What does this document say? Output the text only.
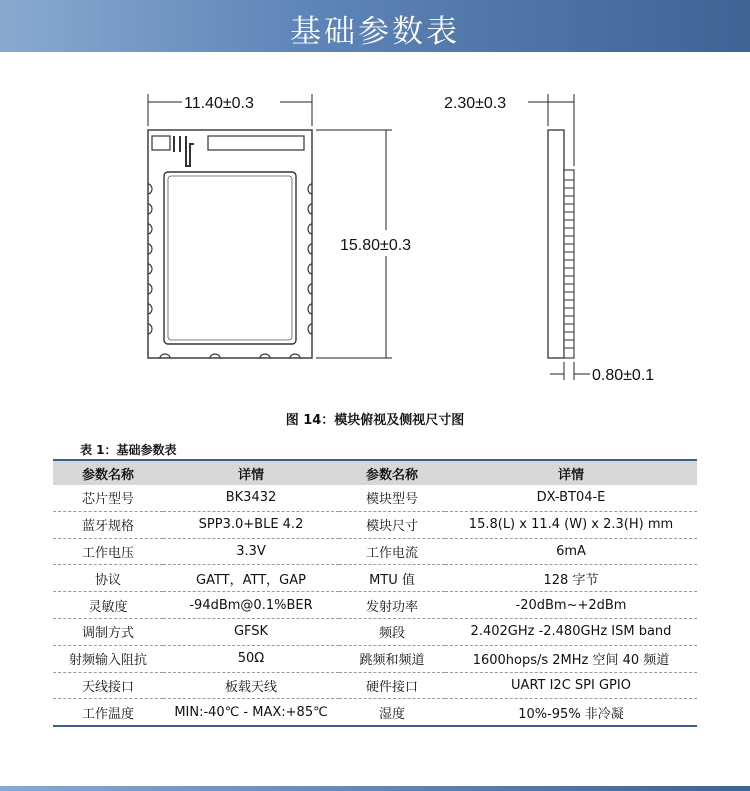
基础参数表
11.40±0.3
15.80±0.3
2.30±0.3
0.80±0.1
图 14：模块俯视及侧视尺寸图
表 1：基础参数表
参数名称	详情	参数名称	详情
芯片型号	BK3432	模块型号	DX-BT04-E
蓝牙规格	SPP3.0+BLE 4.2	模块尺寸	15.8(L) x 11.4 (W) x 2.3(H) mm
工作电压	3.3V	工作电流	6mA
协议	GATT，ATT，GAP	MTU 值	128 字节
灵敏度	-94dBm@0.1%BER	发射功率	-20dBm~+2dBm
调制方式	GFSK	频段	2.402GHz -2.480GHz ISM band
射频输入阻抗	50Ω	跳频和频道	1600hops/s 2MHz 空间 40 频道
天线接口	板载天线	硬件接口	UART I2C SPI GPIO
工作温度	MIN:-40℃ - MAX:+85℃	湿度	10%-95% 非冷凝
